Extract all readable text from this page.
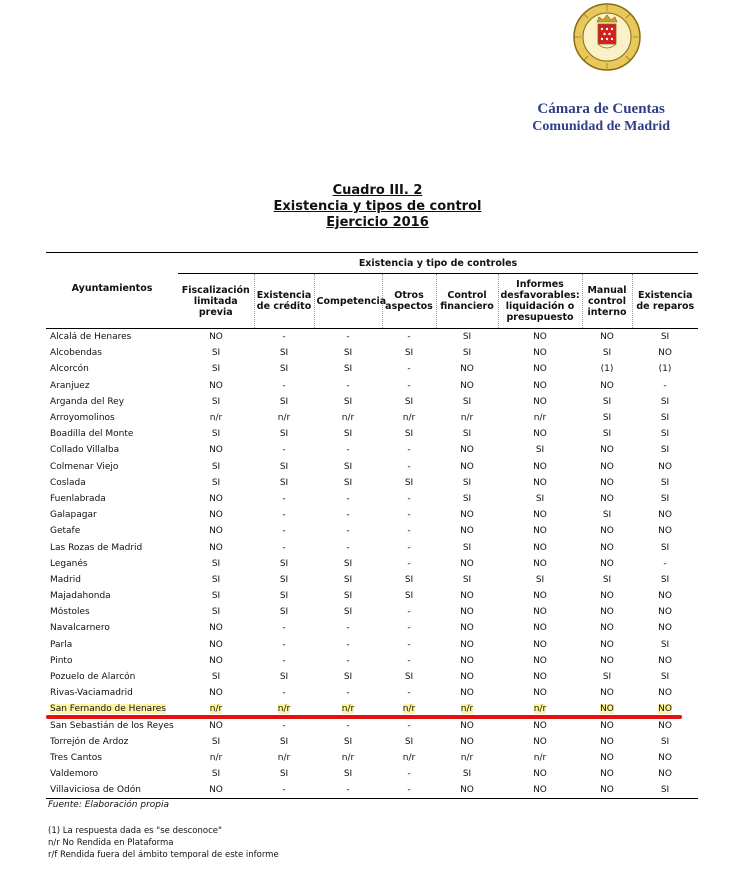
Cámara de Cuentas
Comunidad de Madrid
Cuadro III. 2
Existencia y tipos de control
Ejercicio 2016
Ayuntamientos	Existencia y tipo de controles							
	Fiscalización limitada previa	Existencia de crédito	Competencia	Otros aspectos	Control financiero	Informes desfavorables: liquidación o presupuesto	Manual control interno	Existencia de reparos
Alcalá de Henares	NO	-	-	-	SI	NO	NO	SI
Alcobendas	SI	SI	SI	SI	SI	NO	SI	NO
Alcorcón	SI	SI	SI	-	NO	NO	(1)	(1)
Aranjuez	NO	-	-	-	NO	NO	NO	-
Arganda del Rey	SI	SI	SI	SI	SI	NO	SI	SI
Arroyomolinos	n/r	n/r	n/r	n/r	n/r	n/r	SI	SI
Boadilla del Monte	SI	SI	SI	SI	SI	NO	SI	SI
Collado Villalba	NO	-	-	-	NO	SI	NO	SI
Colmenar Viejo	SI	SI	SI	-	NO	NO	NO	NO
Coslada	SI	SI	SI	SI	SI	NO	NO	SI
Fuenlabrada	NO	-	-	-	SI	SI	NO	SI
Galapagar	NO	-	-	-	NO	NO	SI	NO
Getafe	NO	-	-	-	NO	NO	NO	NO
Las Rozas de Madrid	NO	-	-	-	SI	NO	NO	SI
Leganés	SI	SI	SI	-	NO	NO	NO	-
Madrid	SI	SI	SI	SI	SI	SI	SI	SI
Majadahonda	SI	SI	SI	SI	NO	NO	NO	NO
Móstoles	SI	SI	SI	-	NO	NO	NO	NO
Navalcarnero	NO	-	-	-	NO	NO	NO	NO
Parla	NO	-	-	-	NO	NO	NO	SI
Pinto	NO	-	-	-	NO	NO	NO	NO
Pozuelo de Alarcón	SI	SI	SI	SI	NO	NO	SI	SI
Rivas-Vaciamadrid	NO	-	-	-	NO	NO	NO	NO
San Fernando de Henares	n/r	n/r	n/r	n/r	n/r	n/r	NO	NO
San Sebastián de los Reyes	NO	-	-	-	NO	NO	NO	NO
Torrejón de Ardoz	SI	SI	SI	SI	NO	NO	NO	SI
Tres Cantos	n/r	n/r	n/r	n/r	n/r	n/r	NO	NO
Valdemoro	SI	SI	SI	-	SI	NO	NO	NO
Villaviciosa de Odón	NO	-	-	-	NO	NO	NO	SI
Fuente: Elaboración propia
(1) La respuesta dada es "se desconoce"
n/r No Rendida en Plataforma
r/f Rendida fuera del ámbito temporal de este informe
